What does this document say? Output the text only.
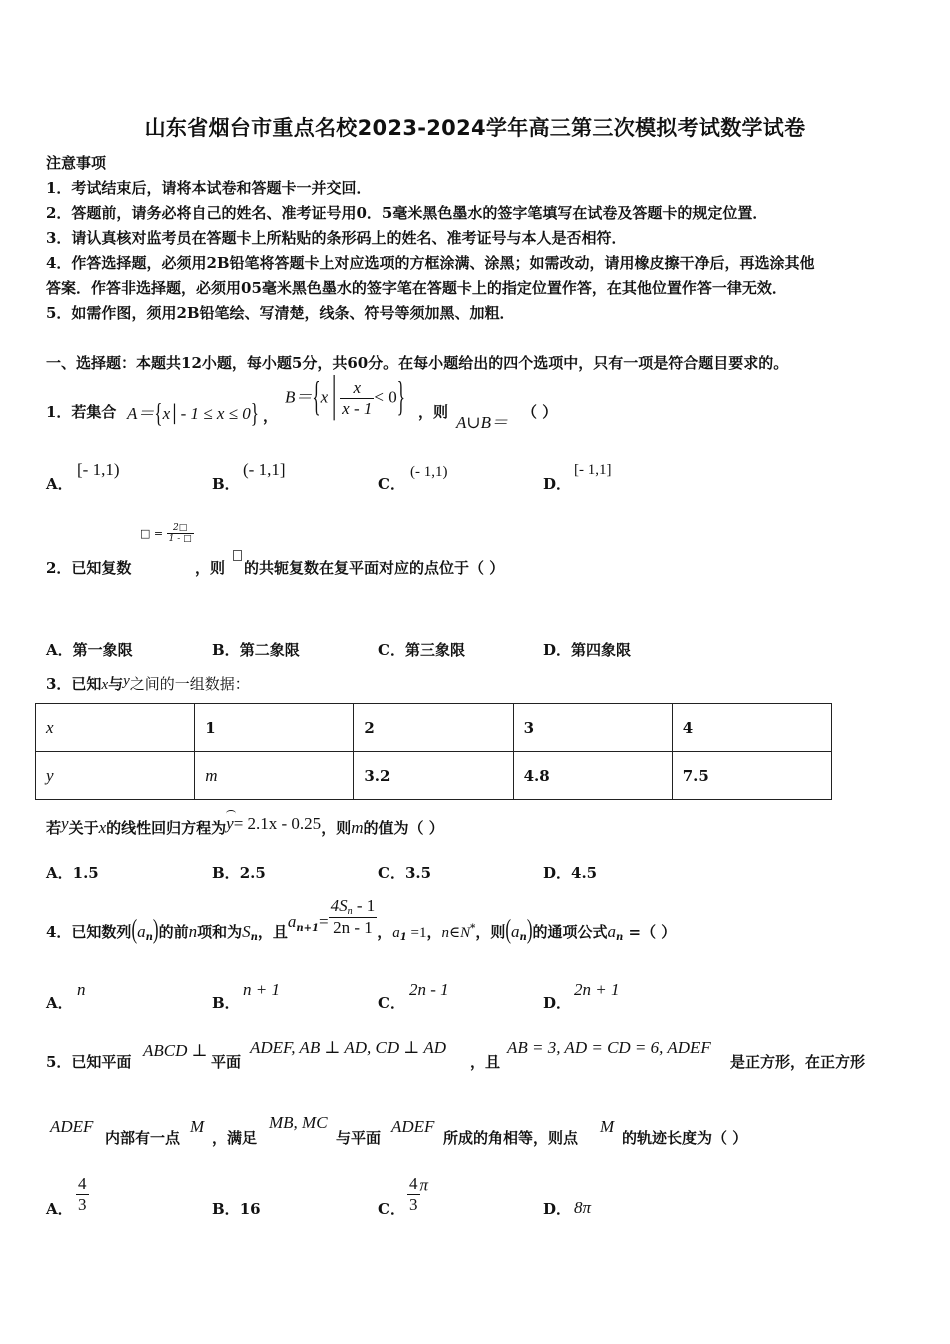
山东省烟台市重点名校2023-2024学年高三第三次模拟考试数学试卷
注意事项
1．考试结束后，请将本试卷和答题卡一并交回．
2．答题前，请务必将自己的姓名、准考证号用0．5毫米黑色墨水的签字笔填写在试卷及答题卡的规定位置．
3．请认真核对监考员在答题卡上所粘贴的条形码上的姓名、准考证号与本人是否相符．
4．作答选择题，必须用2B铅笔将答题卡上对应选项的方框涂满、涂黑；如需改动，请用橡皮擦干净后，再选涂其他
答案．作答非选择题，必须用05毫米黑色墨水的签字笔在答题卡上的指定位置作答，在其他位置作答一律无效．
5．如需作图，须用2B铅笔绘、写清楚，线条、符号等须加黑、加粗．
一、选择题：本题共12小题，每小题5分，共60分。在每小题给出的四个选项中，只有一项是符合题目要求的。
1．若集合 A＝{x│- 1 ≤ x ≤ 0} ，
B＝{x│ $\frac{x}{x - 1} < 0$} ，则
A∪B＝
（ ）
A．
[- 1,1)
B．
(- 1,1]
C．
(- 1,1)
D．
[- 1,1]
□ = $\frac{2□}{1 - □}$
2．已知复数	，则 的共轭复数在复平面对应的点位于（ ）
A．第一象限	B．第二象限	C．第三象限	D．第四象限
3．已知x与y之间的一组数据：
x	1	2	3	4
y	m	3.2	4.8	7.5
若y关于x的线性回归方程为y= 2.1x - 0.25，则m的值为（ ）
A．1.5	B．2.5	C．3.5	D．4.5
4．已知数列$(a_n)$的前n项和为$S_n$，且$a^{n+1}= \frac{4S_n - 1}{2n - 1}$ ，$a_1 =1$，n∈N*，则$(a_n)$的通项公式$a_n$ =（ ）
A．
n
B．
n + 1
C．
2n - 1
D．
2n + 1
5．已知平面
ABCD ⊥
平面
ADEF, AB ⊥ AD, CD ⊥ AD
，且
AB = 3, AD = CD = 6, ADEF
是正方形，在正方形
ADEF
内部有一点
M
，满足
MB, MC
与平面
ADEF
所成的角相等，则点
M
的轨迹长度为（ ）
A． $\frac{4}{3}$	B．16	C． $\frac{4}{3}$ π
D． 8π
